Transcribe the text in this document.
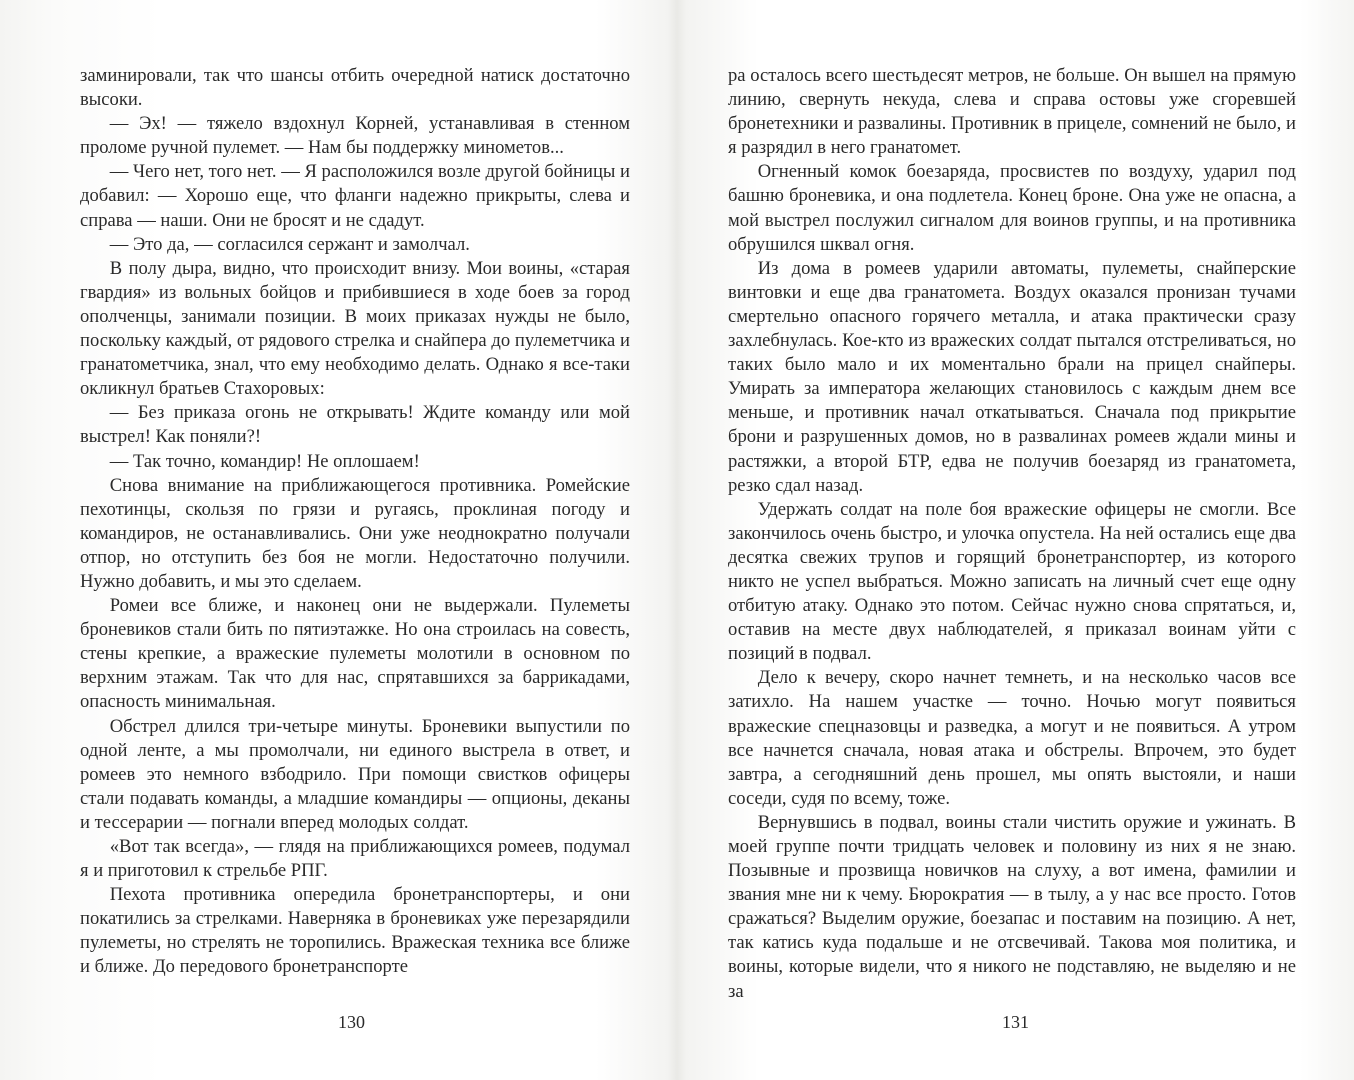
заминировали, так что шансы отбить очередной натиск достаточно высоки.

— Эх! — тяжело вздохнул Корней, устанавливая в стенном проломе ручной пулемет. — Нам бы поддержку минометов...

— Чего нет, того нет. — Я расположился возле другой бойницы и добавил: — Хорошо еще, что фланги надежно прикрыты, слева и справа — наши. Они не бросят и не сдадут.

— Это да, — согласился сержант и замолчал.

В полу дыра, видно, что происходит внизу. Мои воины, «старая гвардия» из вольных бойцов и прибившиеся в ходе боев за город ополченцы, занимали позиции. В моих приказах нужды не было, поскольку каждый, от рядового стрелка и снайпера до пулеметчика и гранатометчика, знал, что ему необходимо делать. Однако я все-таки окликнул братьев Стахоровых:

— Без приказа огонь не открывать! Ждите команду или мой выстрел! Как поняли?!

— Так точно, командир! Не оплошаем!

Снова внимание на приближающегося противника. Ромейские пехотинцы, скользя по грязи и ругаясь, проклиная погоду и командиров, не останавливались. Они уже неоднократно получали отпор, но отступить без боя не могли. Недостаточно получили. Нужно добавить, и мы это сделаем.

Ромеи все ближе, и наконец они не выдержали. Пулеметы броневиков стали бить по пятиэтажке. Но она строилась на совесть, стены крепкие, а вражеские пулеметы молотили в основном по верхним этажам. Так что для нас, спрятавшихся за баррикадами, опасность минимальная.

Обстрел длился три-четыре минуты. Броневики выпустили по одной ленте, а мы промолчали, ни единого выстрела в ответ, и ромеев это немного взбодрило. При помощи свистков офицеры стали подавать команды, а младшие командиры — опционы, деканы и тессерарии — погнали вперед молодых солдат.

«Вот так всегда», — глядя на приближающихся ромеев, подумал я и приготовил к стрельбе РПГ.

Пехота противника опередила бронетранспортеры, и они покатились за стрелками. Наверняка в броневиках уже перезарядили пулеметы, но стрелять не торопились. Вражеская техника все ближе и ближе. До передового бронетранспорте

ра осталось всего шестьдесят метров, не больше. Он вышел на прямую линию, свернуть некуда, слева и справа остовы уже сгоревшей бронетехники и развалины. Противник в прицеле, сомнений не было, и я разрядил в него гранатомет.

Огненный комок боезаряда, просвистев по воздуху, ударил под башню броневика, и она подлетела. Конец броне. Она уже не опасна, а мой выстрел послужил сигналом для воинов группы, и на противника обрушился шквал огня.

Из дома в ромеев ударили автоматы, пулеметы, снайперские винтовки и еще два гранатомета. Воздух оказался пронизан тучами смертельно опасного горячего металла, и атака практически сразу захлебнулась. Кое-кто из вражеских солдат пытался отстреливаться, но таких было мало и их моментально брали на прицел снайперы. Умирать за императора желающих становилось с каждым днем все меньше, и противник начал откатываться. Сначала под прикрытие брони и разрушенных домов, но в развалинах ромеев ждали мины и растяжки, а второй БТР, едва не получив боезаряд из гранатомета, резко сдал назад.

Удержать солдат на поле боя вражеские офицеры не смогли. Все закончилось очень быстро, и улочка опустела. На ней остались еще два десятка свежих трупов и горящий бронетранспортер, из которого никто не успел выбраться. Можно записать на личный счет еще одну отбитую атаку. Однако это потом. Сейчас нужно снова спрятаться, и, оставив на месте двух наблюдателей, я приказал воинам уйти с позиций в подвал.

Дело к вечеру, скоро начнет темнеть, и на несколько часов все затихло. На нашем участке — точно. Ночью могут появиться вражеские спецназовцы и разведка, а могут и не появиться. А утром все начнется сначала, новая атака и обстрелы. Впрочем, это будет завтра, а сегодняшний день прошел, мы опять выстояли, и наши соседи, судя по всему, тоже.

Вернувшись в подвал, воины стали чистить оружие и ужинать. В моей группе почти тридцать человек и половину из них я не знаю. Позывные и прозвища новичков на слуху, а вот имена, фамилии и звания мне ни к чему. Бюрократия — в тылу, а у нас все просто. Готов сражаться? Выделим оружие, боезапас и поставим на позицию. А нет, так катись куда подальше и не отсвечивай. Такова моя политика, и воины, которые видели, что я никого не подставляю, не выделяю и не за

130	131
